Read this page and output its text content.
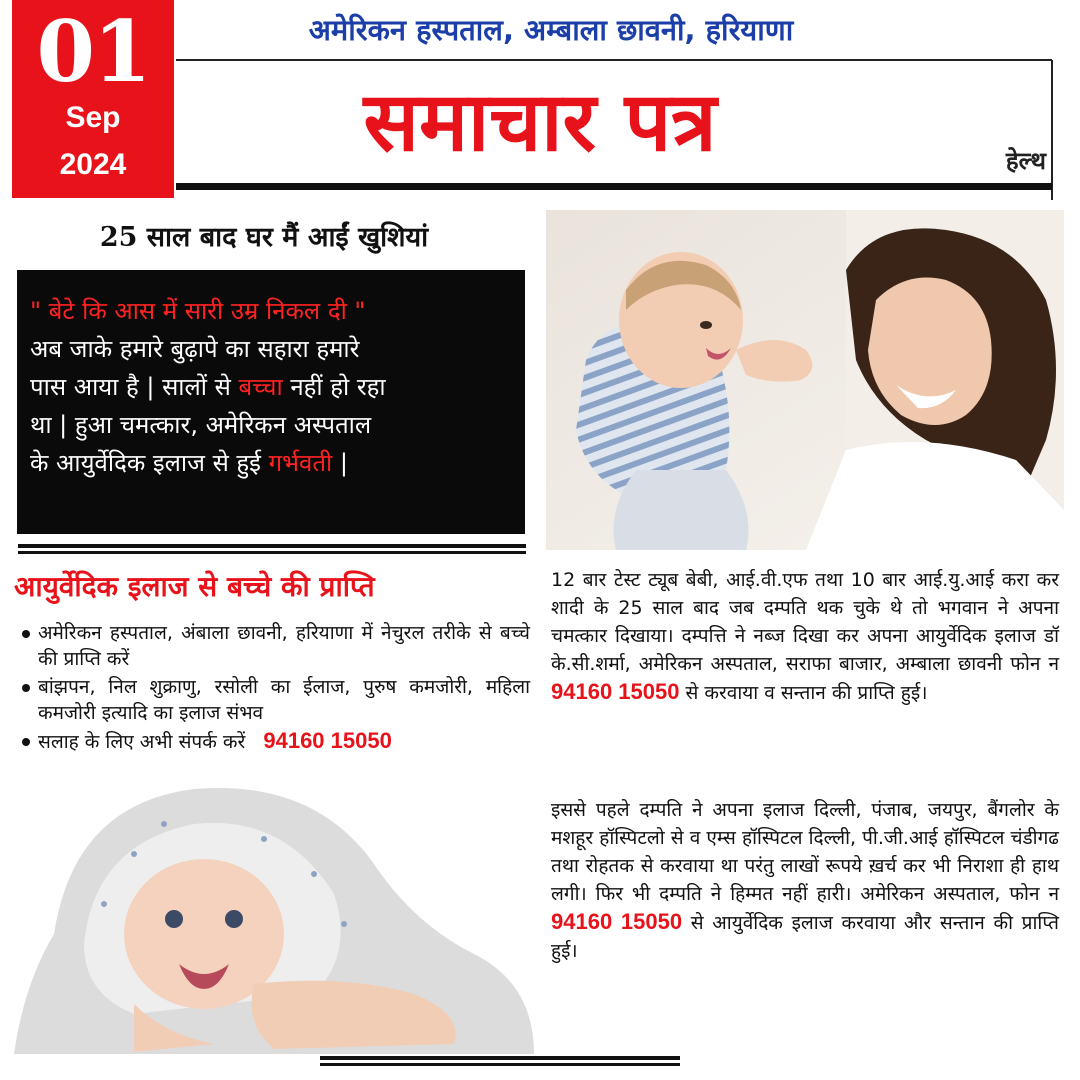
01
Sep
2024
अमेरिकन हस्पताल, अम्बाला छावनी, हरियाणा
समाचार पत्र	हेल्थ
25 साल बाद घर मैं आईं खुशियां
" बेटे कि आस में सारी उम्र निकल दी "
अब जाके हमारे बुढ़ापे का सहारा हमारे
पास आया है | सालों से बच्चा नहीं हो रहा
था | हुआ चमत्कार, अमेरिकन अस्पताल
के आयुर्वेदिक इलाज से हुई गर्भवती |
आयुर्वेदिक इलाज से बच्चे की प्राप्ति
अमेरिकन हस्पताल, अंबाला छावनी, हरियाणा में नेचुरल तरीके से बच्चे की प्राप्ति करें
बांझपन, निल शुक्राणु, रसोली का ईलाज, पुरुष कमजोरी, महिला कमजोरी इत्यादि का इलाज संभव
सलाह के लिए अभी संपर्क करें 94160 15050
12 बार टेस्ट ट्यूब बेबी, आई.वी.एफ तथा 10 बार आई.यु.आई करा कर शादी के 25 साल बाद जब दम्पति थक चुके थे तो भगवान ने अपना चमत्कार दिखाया। दम्पत्ति ने नब्ज दिखा कर अपना आयुर्वेदिक इलाज डॉ के.सी.शर्मा, अमेरिकन अस्पताल, सराफा बाजार, अम्बाला छावनी फोन न 94160 15050 से करवाया व सन्तान की प्राप्ति हुई।
इससे पहले दम्पति ने अपना इलाज दिल्ली, पंजाब, जयपुर, बैंगलोर के मशहूर हॉस्पिटलो से व एम्स हॉस्पिटल दिल्ली, पी.जी.आई हॉस्पिटल चंडीगढ तथा रोहतक से करवाया था परंतु लाखों रूपये ख़र्च कर भी निराशा ही हाथ लगी। फिर भी दम्पति ने हिम्मत नहीं हारी। अमेरिकन अस्पताल, फोन न 94160 15050 से आयुर्वेदिक इलाज करवाया और सन्तान की प्राप्ति हुई।
